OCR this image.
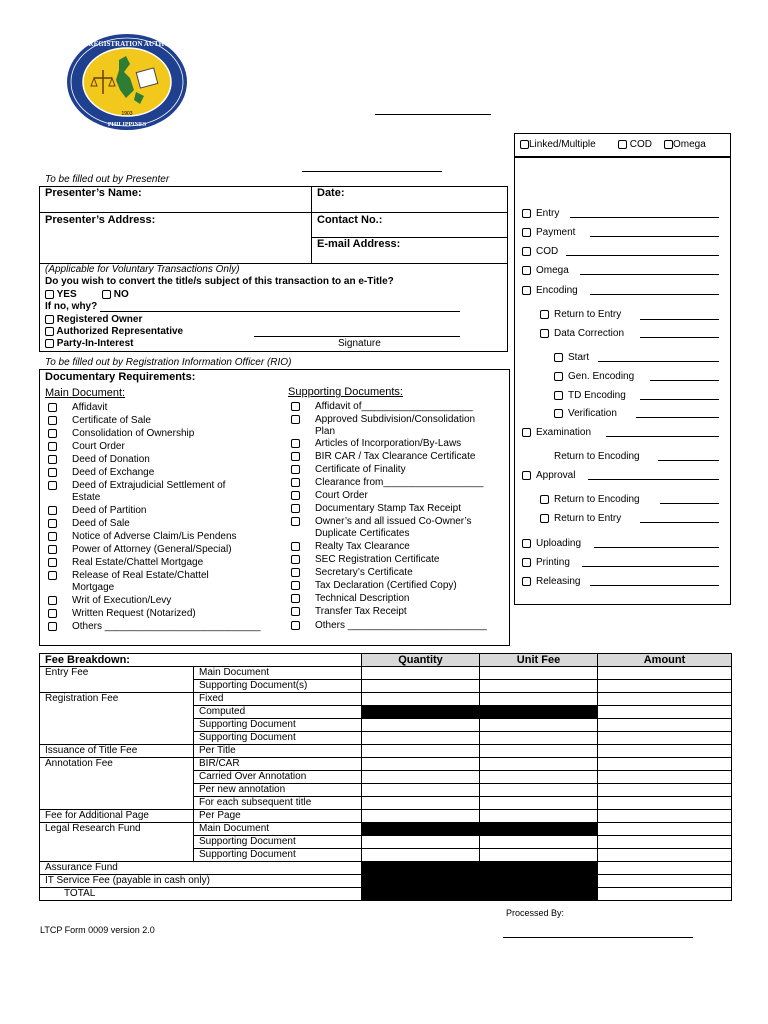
1903
LAND REGISTRATION AUTHORITY
PHILIPPINES
Linked/Multiple	COD	Omega
To be filled out by Presenter
Presenter’s Name:	Date:
Presenter’s Address:	Contact No.:
E-mail Address:
(Applicable for Voluntary Transactions Only)
Do you wish to convert the title/s subject of this transaction to an e-Title?
YES	NO
If no, why?
Registered Owner
Authorized Representative
Party-In-Interest	Signature
To be filled out by Registration Information Officer (RIO)
Documentary Requirements:
Main Document:	Supporting Documents:
Affidavit
Certificate of Sale
Consolidation of Ownership
Court Order
Deed of Donation
Deed of Exchange
Deed of Extrajudicial Settlement of
Estate
Deed of Partition
Deed of Sale
Notice of Adverse Claim/Lis Pendens
Power of Attorney (General/Special)
Real Estate/Chattel Mortgage
Release of Real Estate/Chattel
Mortgage
Writ of Execution/Levy
Written Request (Notarized)
Others ____________________________
Affidavit of____________________
Approved Subdivision/Consolidation
Plan
Articles of Incorporation/By-Laws
BIR CAR / Tax Clearance Certificate
Certificate of Finality
Clearance from__________________
Court Order
Documentary Stamp Tax Receipt
Owner’s and all issued Co-Owner’s
Duplicate Certificates
Realty Tax Clearance
SEC Registration Certificate
Secretary’s Certificate
Tax Declaration (Certified Copy)
Technical Description
Transfer Tax Receipt
Others _________________________
Entry
Payment
COD
Omega
Encoding
Return to Entry
Data Correction
Start
Gen. Encoding
TD Encoding
Verification
Examination
Return to Encoding
Approval
Return to Encoding
Return to Entry
Uploading
Printing
Releasing
Fee Breakdown:		Quantity	Unit Fee	Amount
Entry Fee	Main Document			
	Supporting Document(s)			
Registration Fee	Fixed			
	Computed			
	Supporting Document			
	Supporting Document			
Issuance of Title Fee	Per Title			
Annotation Fee	BIR/CAR			
	Carried Over Annotation			
	Per new annotation			
	For each subsequent title			
Fee for Additional Page	Per Page			
Legal Research Fund	Main Document			
	Supporting Document			
	Supporting Document			
Assurance Fund				
IT Service Fee (payable in cash only)				
TOTAL				
Processed By:
LTCP Form 0009 version 2.0
